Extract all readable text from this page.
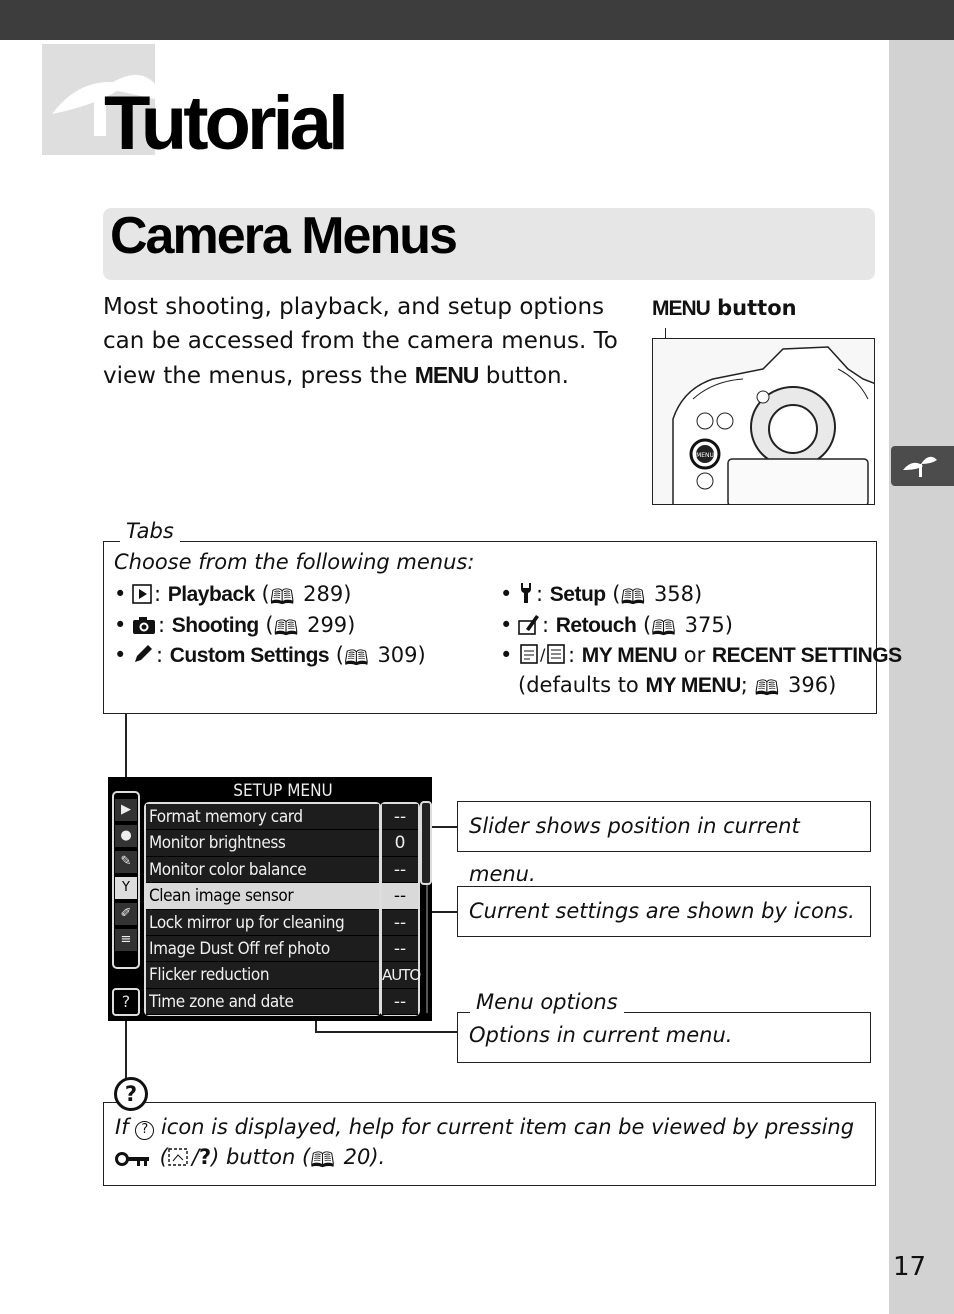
17
Tutorial
Camera Menus
Most shooting, playback, and setup options can be accessed from the camera menus. To view the menus, press the MENU button.
MENU button
MENU
Tabs
Choose from the following menus:
• : Playback (🕮 289)
• : Shooting (🕮 299)
• : Custom Settings (🕮 309)
• : Setup (🕮 358)
• : Retouch (🕮 375)
• / : MY MENU or RECENT SETTINGS
(defaults to MY MENU; 🕮 396)
SETUP MENU
▶
●
✎
Y
✐
≡
?
Format memory card
Monitor brightness
Monitor color balance
Clean image sensor
Lock mirror up for cleaning
Image Dust Off ref photo
Flicker reduction
Time zone and date
--
0
--
--
--
--
AUTO
--
Slider shows position in current menu.
Current settings are shown by icons.
Options in current menu.
Menu options
If ? icon is displayed, help for current item can be viewed by pressing
( /?) button (🕮 20).
?
